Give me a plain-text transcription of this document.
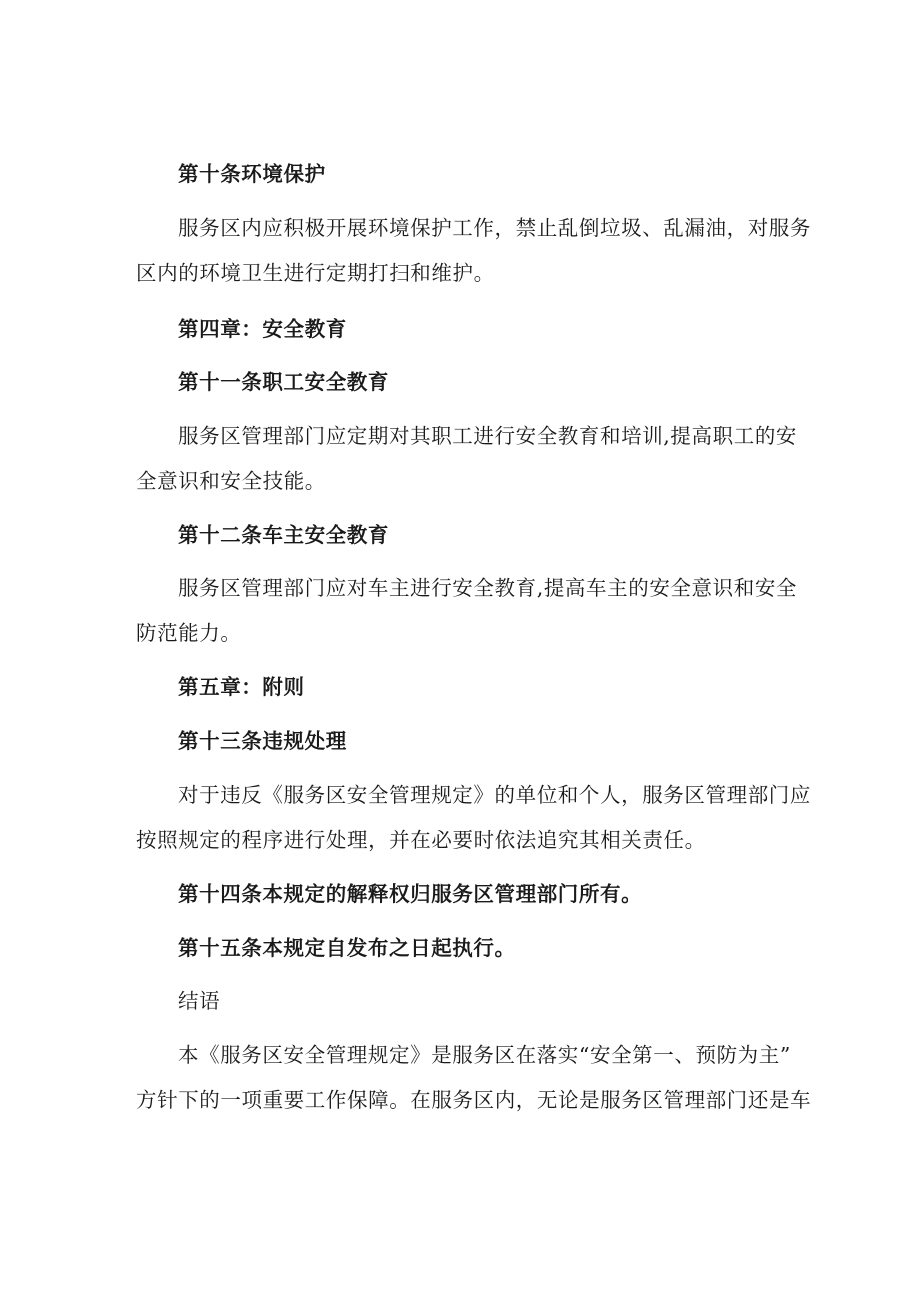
第十条环境保护
服务区内应积极开展环境保护工作，禁止乱倒垃圾、乱漏油，对服务
区内的环境卫生进行定期打扫和维护。
第四章：安全教育
第十一条职工安全教育
服务区管理部门应定期对其职工进行安全教育和培训,提高职工的安
全意识和安全技能。
第十二条车主安全教育
服务区管理部门应对车主进行安全教育,提高车主的安全意识和安全
防范能力。
第五章：附则
第十三条违规处理
对于违反《服务区安全管理规定》的单位和个人，服务区管理部门应
按照规定的程序进行处理，并在必要时依法追究其相关责任。
第十四条本规定的解释权归服务区管理部门所有。
第十五条本规定自发布之日起执行。
结语
本《服务区安全管理规定》是服务区在落实“安全第一、预防为主”
方针下的一项重要工作保障。在服务区内，无论是服务区管理部门还是车
